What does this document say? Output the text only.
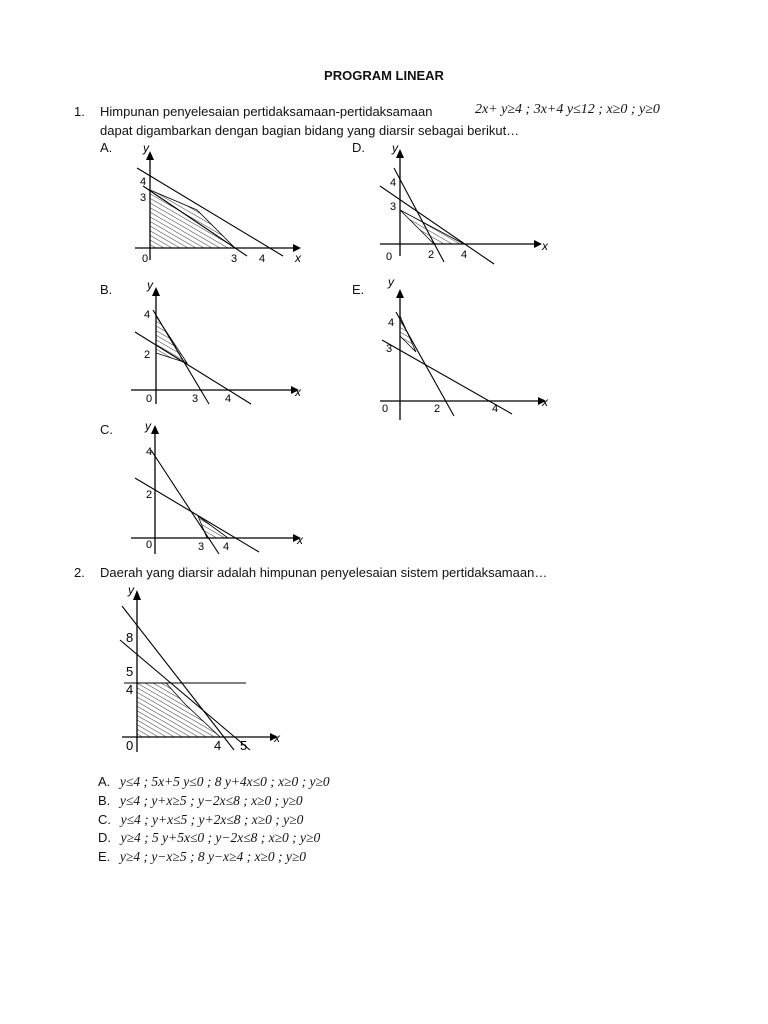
PROGRAM LINEAR
1. Himpunan penyelesaian pertidaksamaan-pertidaksamaan	2x+ y≥4 ; 3x+4 y≤12 ; x≥0 ; y≥0
dapat digambarkan dengan bagian bidang yang diarsir sebagai berikut…
A.	y
x
0
4
3
3 4
D. y
x
0
4
3
2 4
B.	y
x
0
4
2
3 4
E. y
x
0
4
3
2	4
C.	y
x
0
4
2
3 4
2. Daerah yang diarsir adalah himpunan penyelesaian sistem pertidaksamaan…
y
x
0
8
5
4
4 5
A. y≤4 ; 5x+5 y≤0 ; 8 y+4x≤0 ; x≥0 ; y≥0
B. y≤4 ; y+x≥5 ; y−2x≤8 ; x≥0 ; y≥0
C. y≤4 ; y+x≤5 ; y+2x≤8 ; x≥0 ; y≥0
D. y≥4 ; 5 y+5x≤0 ; y−2x≤8 ; x≥0 ; y≥0
E. y≥4 ; y−x≥5 ; 8 y−x≥4 ; x≥0 ; y≥0
